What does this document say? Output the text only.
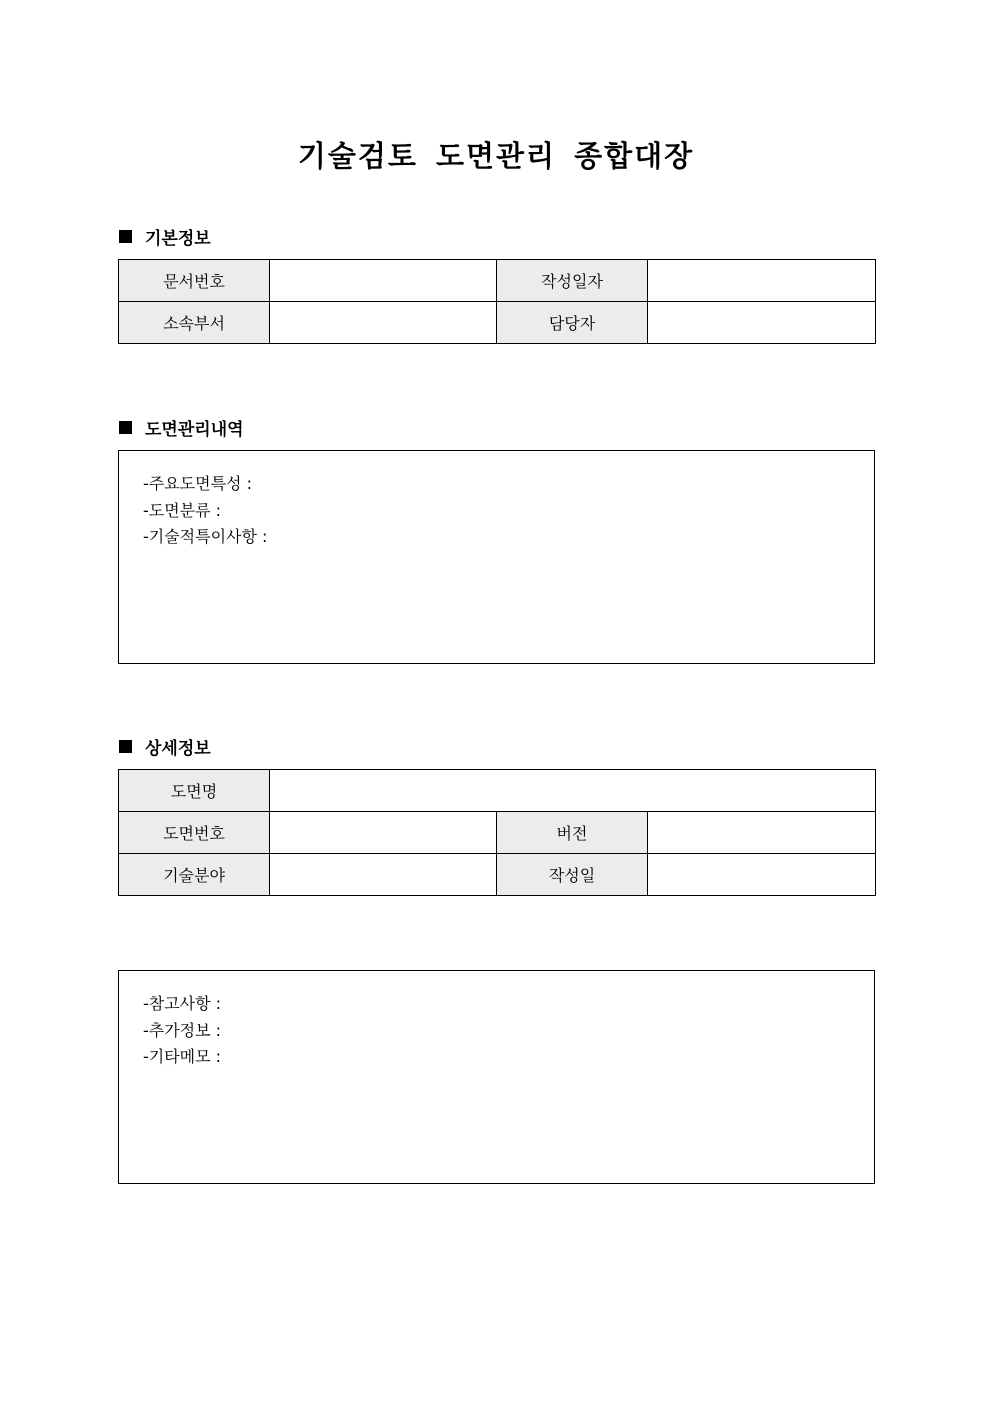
기술검토 도면관리 종합대장
기본정보
문서번호		작성일자	
소속부서		담당자	
도면관리내역
-주요도면특성 :
-도면분류 :
-기술적특이사항 :
상세정보
도면명			
도면번호		버전	
기술분야		작성일	
-참고사항 :
-추가정보 :
-기타메모 :
